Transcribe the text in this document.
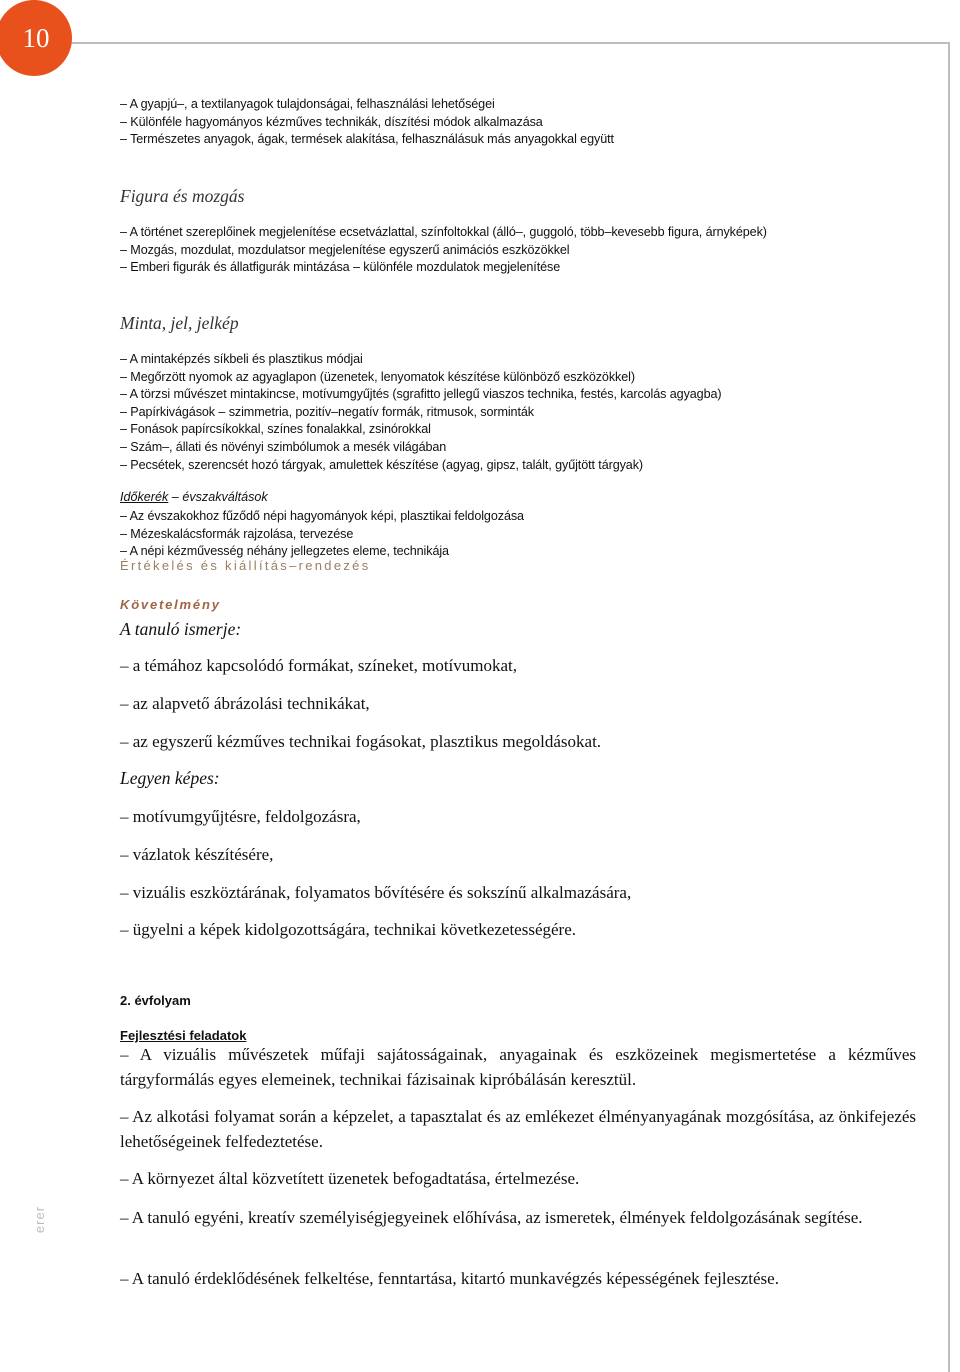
10
erer
– A gyapjú–, a textilanyagok tulajdonságai, felhasználási lehetőségei
– Különféle hagyományos kézműves technikák, díszítési módok alkalmazása
– Természetes anyagok, ágak, termések alakítása, felhasználásuk más anyagokkal együtt
Figura és mozgás
– A történet szereplőinek megjelenítése ecsetvázlattal, színfoltokkal (álló–, guggoló, több–kevesebb figura, árnyképek)
– Mozgás, mozdulat, mozdulatsor megjelenítése egyszerű animációs eszközökkel
– Emberi figurák és állatfigurák mintázása – különféle mozdulatok megjelenítése
Minta, jel, jelkép
– A mintaképzés síkbeli és plasztikus módjai
– Megőrzött nyomok az agyaglapon (üzenetek, lenyomatok készítése különböző eszközökkel)
– A törzsi művészet mintakincse, motívumgyűjtés (sgrafitto jellegű viaszos technika, festés, karcolás agyagba)
– Papírkivágások – szimmetria, pozitív–negatív formák, ritmusok, sorminták
– Fonások papírcsíkokkal, színes fonalakkal, zsinórokkal
– Szám–, állati és növényi szimbólumok a mesék világában
– Pecsétek, szerencsét hozó tárgyak, amulettek készítése (agyag, gipsz, talált, gyűjtött tárgyak)
Időkerék – évszakváltások
– Az évszakokhoz fűződő népi hagyományok képi, plasztikai feldolgozása
– Mézeskalácsformák rajzolása, tervezése
– A népi kézművesség néhány jellegzetes eleme, technikája
Értékelés és kiállítás–rendezés
Követelmény
A tanuló ismerje:
– a témához kapcsolódó formákat, színeket, motívumokat,
– az alapvető ábrázolási technikákat,
– az egyszerű kézműves technikai fogásokat, plasztikus megoldásokat.
Legyen képes:
– motívumgyűjtésre, feldolgozásra,
– vázlatok készítésére,
– vizuális eszköztárának, folyamatos bővítésére és sokszínű alkalmazására,
– ügyelni a képek kidolgozottságára, technikai következetességére.
2. évfolyam
Fejlesztési feladatok
– A vizuális művészetek műfaji sajátosságainak, anyagainak és eszközeinek megismertetése a kézműves tárgyformálás egyes elemeinek, technikai fázisainak kipróbálásán keresztül.
– Az alkotási folyamat során a képzelet, a tapasztalat és az emlékezet élményanyagának mozgósítása, az önkifejezés lehetőségeinek felfedeztetése.
– A környezet által közvetített üzenetek befogadtatása, értelmezése.
– A tanuló egyéni, kreatív személyiségjegyeinek előhívása, az ismeretek, élmények feldolgozásának segítése.
– A tanuló érdeklődésének felkeltése, fenntartása, kitartó munkavégzés képességének fejlesztése.
